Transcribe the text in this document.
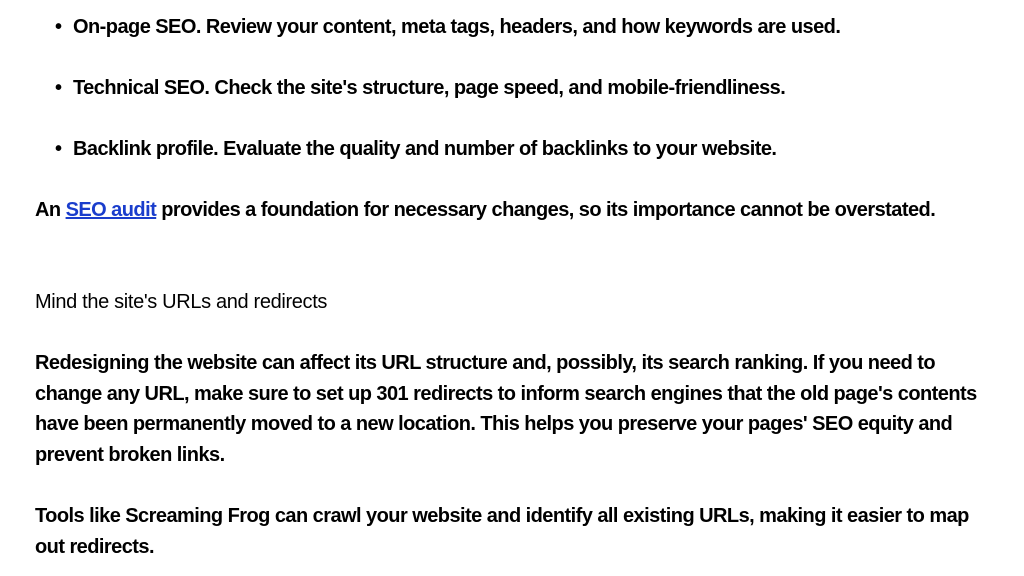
• On-page SEO. Review your content, meta tags, headers, and how keywords are used.
• Technical SEO. Check the site's structure, page speed, and mobile-friendliness.
• Backlink profile. Evaluate the quality and number of backlinks to your website.

An SEO audit provides a foundation for necessary changes, so its importance cannot be overstated.

Mind the site's URLs and redirects

Redesigning the website can affect its URL structure and, possibly, its search ranking. If you need to change any URL, make sure to set up 301 redirects to inform search engines that the old page's contents have been permanently moved to a new location. This helps you preserve your pages' SEO equity and prevent broken links.

Tools like Screaming Frog can crawl your website and identify all existing URLs, making it easier to map out redirects.
